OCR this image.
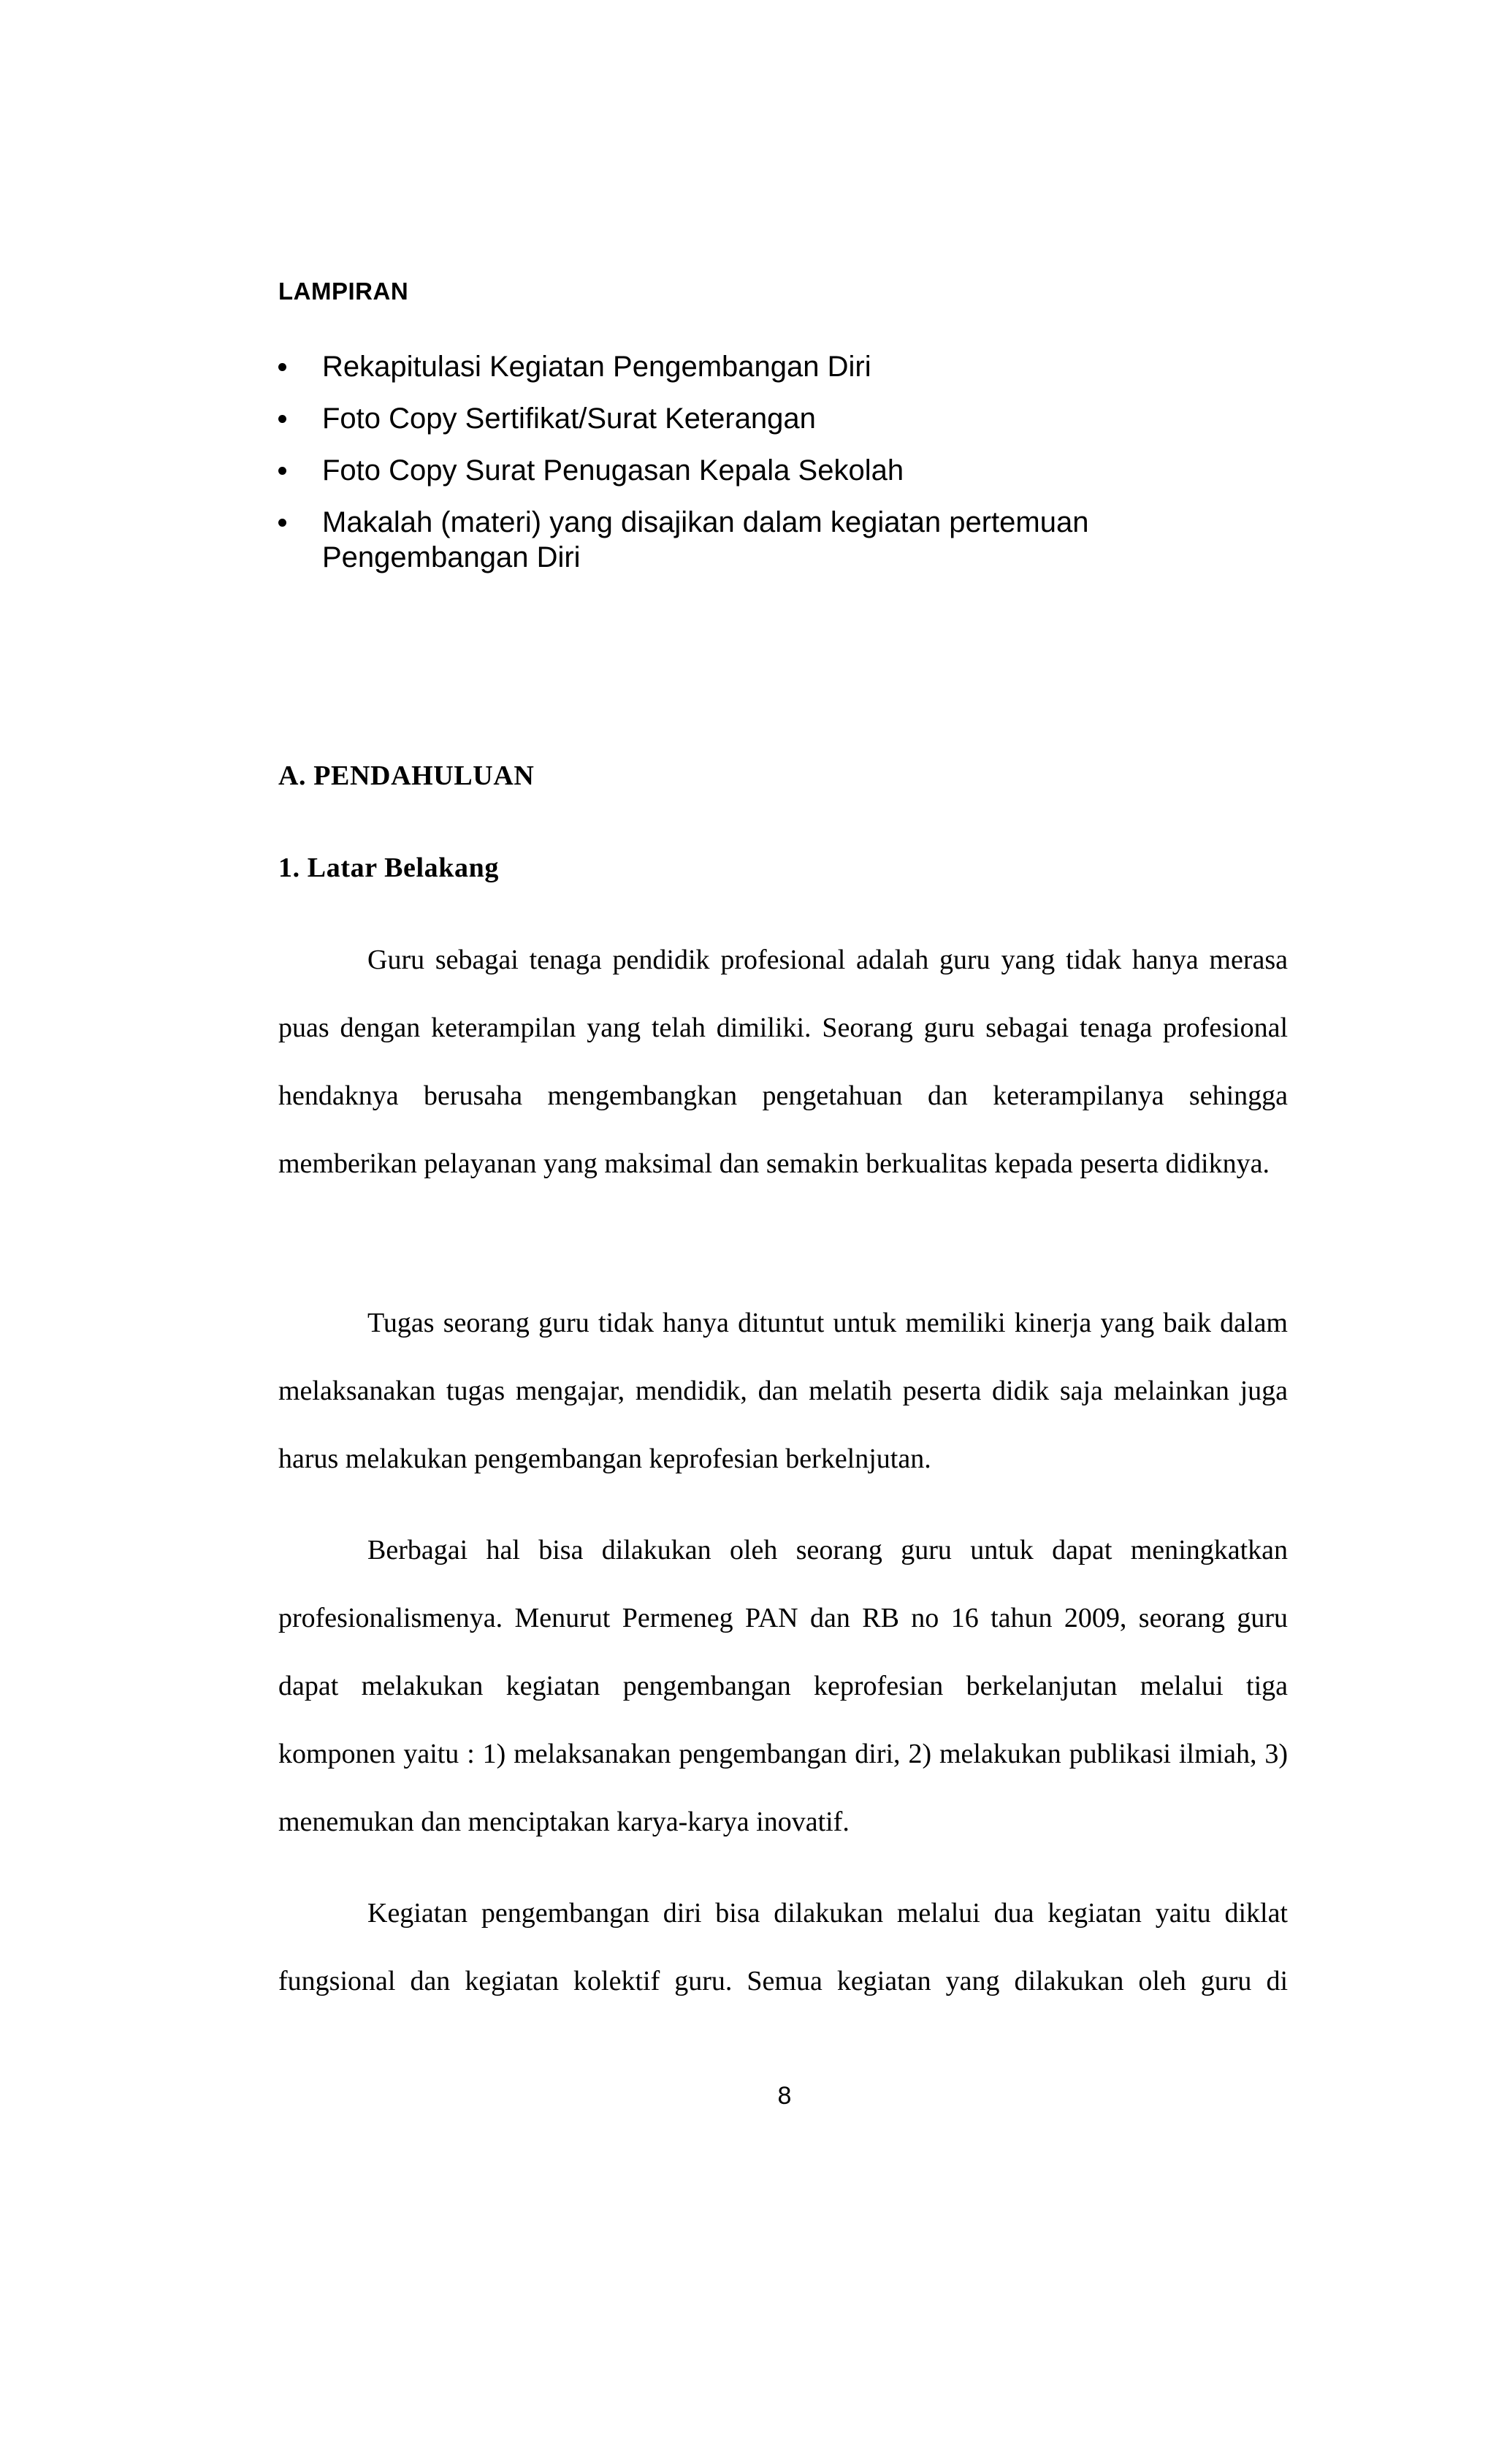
LAMPIRAN
Rekapitulasi Kegiatan Pengembangan Diri
Foto Copy Sertifikat/Surat Keterangan
Foto Copy Surat Penugasan Kepala Sekolah
Makalah (materi) yang disajikan dalam kegiatan pertemuan Pengembangan Diri
A. PENDAHULUAN
1. Latar Belakang

Guru sebagai tenaga pendidik profesional adalah guru yang tidak hanya merasa puas dengan keterampilan yang telah dimiliki. Seorang guru sebagai tenaga profesional hendaknya berusaha mengembangkan pengetahuan dan keterampilanya sehingga memberikan pelayanan yang maksimal dan semakin berkualitas kepada peserta didiknya.

Tugas seorang guru tidak hanya dituntut untuk memiliki kinerja yang baik dalam melaksanakan tugas mengajar, mendidik, dan melatih peserta didik saja melainkan juga harus melakukan pengembangan keprofesian berkelnjutan.

Berbagai hal bisa dilakukan oleh seorang guru untuk dapat meningkatkan profesionalismenya. Menurut Permeneg PAN dan RB no 16 tahun 2009, seorang guru dapat melakukan kegiatan pengembangan keprofesian berkelanjutan melalui tiga komponen yaitu : 1) melaksanakan pengembangan diri, 2) melakukan publikasi ilmiah, 3) menemukan dan menciptakan karya-karya inovatif.

Kegiatan pengembangan diri bisa dilakukan melalui dua kegiatan yaitu diklat fungsional dan kegiatan kolektif guru. Semua kegiatan yang dilakukan oleh guru di

8
